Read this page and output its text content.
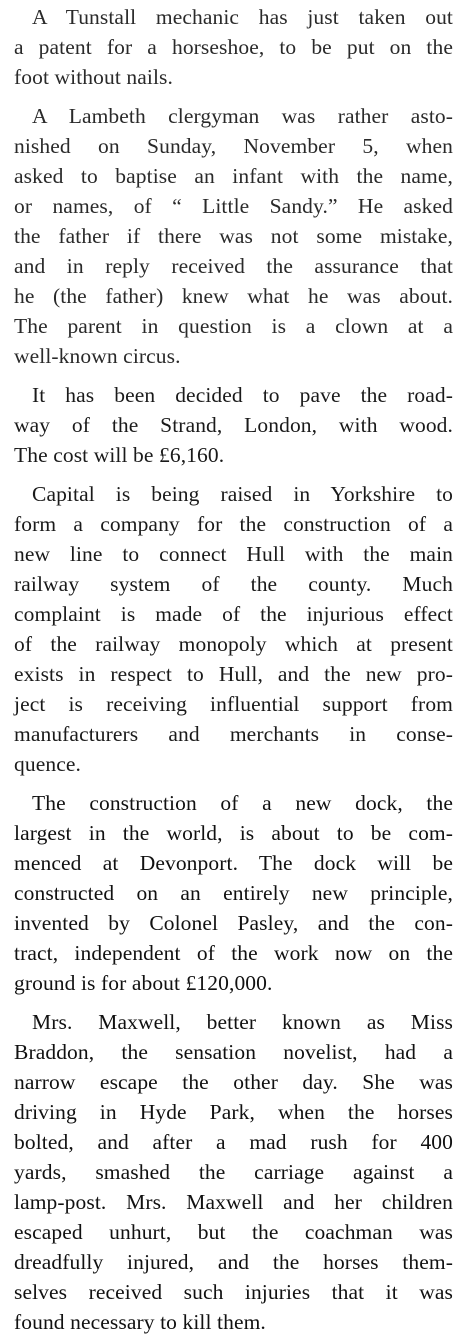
A Tunstall mechanic has just taken out
a patent for a horseshoe, to be put on the
foot without nails.

A Lambeth clergyman was rather asto-
nished on Sunday, November 5, when
asked to baptise an infant with the name,
or names, of “ Little Sandy.” He asked
the father if there was not some mistake,
and in reply received the assurance that
he (the father) knew what he was about.
The parent in question is a clown at a
well-known circus.

It has been decided to pave the road-
way of the Strand, London, with wood.
The cost will be £6,160.

Capital is being raised in Yorkshire to
form a company for the construction of a
new line to connect Hull with the main
railway system of the county. Much
complaint is made of the injurious effect
of the railway monopoly which at present
exists in respect to Hull, and the new pro-
ject is receiving influential support from
manufacturers and merchants in conse-
quence.

The construction of a new dock, the
largest in the world, is about to be com-
menced at Devonport. The dock will be
constructed on an entirely new principle,
invented by Colonel Pasley, and the con-
tract, independent of the work now on the
ground is for about £120,000.

Mrs. Maxwell, better known as Miss
Braddon, the sensation novelist, had a
narrow escape the other day. She was
driving in Hyde Park, when the horses
bolted, and after a mad rush for 400
yards, smashed the carriage against a
lamp-post. Mrs. Maxwell and her children
escaped unhurt, but the coachman was
dreadfully injured, and the horses them-
selves received such injuries that it was
found necessary to kill them.
